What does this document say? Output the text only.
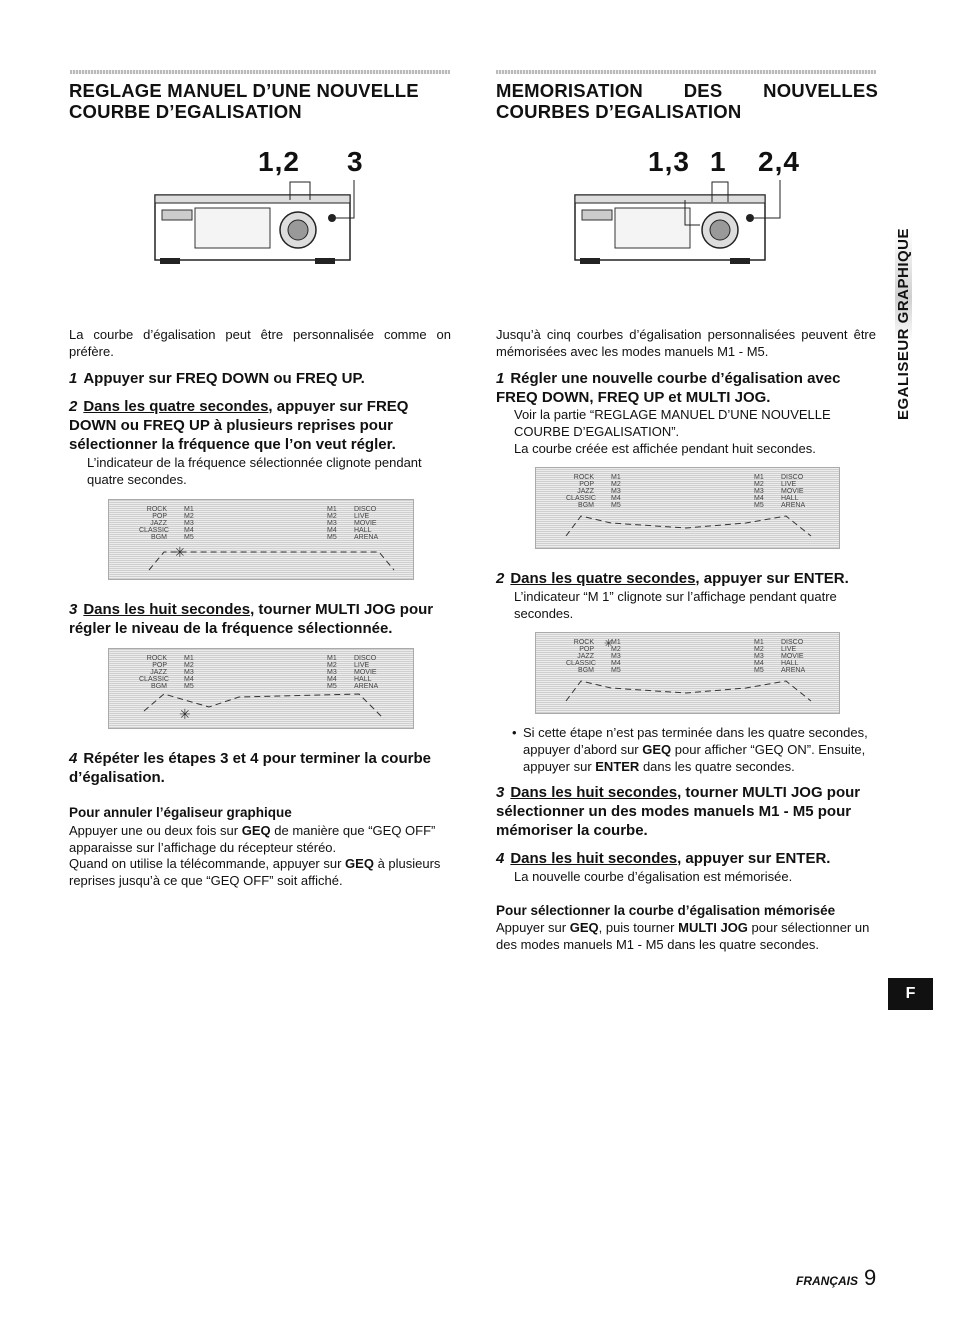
REGLAGE MANUEL D’UNE NOUVELLE
COURBE D’EGALISATION
1,2 3
La courbe d’égalisation peut être personnalisée comme on préfère.
1 Appuyer sur FREQ DOWN ou FREQ UP.
2 Dans les quatre secondes, appuyer sur FREQ DOWN ou FREQ UP à plusieurs reprises pour sélectionner la fréquence que l’on veut régler.
L’indicateur de la fréquence sélectionnée clignote pendant quatre secondes.
ROCK
POP
JAZZ
CLASSIC
BGM
M1
M2
M3
M4
M5
M1
M2
M3
M4
M5
DISCO
LIVE
MOVIE
HALL
ARENA
✳
3 Dans les huit secondes, tourner MULTI JOG pour régler le niveau de la fréquence sélectionnée.
ROCK
POP
JAZZ
CLASSIC
BGM
M1
M2
M3
M4
M5
M1
M2
M3
M4
M5
DISCO
LIVE
MOVIE
HALL
ARENA
✳
4 Répéter les étapes 3 et 4 pour terminer la courbe d’égalisation.
Pour annuler l’égaliseur graphique
Appuyer une ou deux fois sur GEQ de manière que “GEQ OFF” apparaisse sur l’affichage du récepteur stéréo.
Quand on utilise la télécommande, appuyer sur GEQ à plusieurs reprises jusqu’à ce que “GEQ OFF” soit affiché.
MEMORISATION DES NOUVELLES
COURBES D’EGALISATION
1,3 1 2,4
Jusqu’à cinq courbes d’égalisation personnalisées peuvent être mémorisées avec les modes manuels M1 - M5.
1 Régler une nouvelle courbe d’égalisation avec FREQ DOWN, FREQ UP et MULTI JOG.
Voir la partie “REGLAGE MANUEL D’UNE NOUVELLE COURBE D’EGALISATION”.
La courbe créée est affichée pendant huit secondes.
ROCK
POP
JAZZ
CLASSIC
BGM
M1
M2
M3
M4
M5
M1
M2
M3
M4
M5
DISCO
LIVE
MOVIE
HALL
ARENA
2 Dans les quatre secondes, appuyer sur ENTER.
L’indicateur “M 1” clignote sur l’affichage pendant quatre secondes.
ROCK
POP
JAZZ
CLASSIC
BGM
M1
M2
M3
M4
M5
M1
M2
M3
M4
M5
DISCO
LIVE
MOVIE
HALL
ARENA
✳
• Si cette étape n’est pas terminée dans les quatre secondes, appuyer d’abord sur GEQ pour afficher “GEQ ON”. Ensuite, appuyer sur ENTER dans les quatre secondes.
3 Dans les huit secondes, tourner MULTI JOG pour sélectionner un des modes manuels M1 - M5 pour mémoriser la courbe.
4 Dans les huit secondes, appuyer sur ENTER.
La nouvelle courbe d’égalisation est mémorisée.
Pour sélectionner la courbe d’égalisation mémorisée
Appuyer sur GEQ, puis tourner MULTI JOG pour sélectionner un des modes manuels M1 - M5 dans les quatre secondes.
EGALISEUR GRAPHIQUE
F
FRANÇAIS 9
